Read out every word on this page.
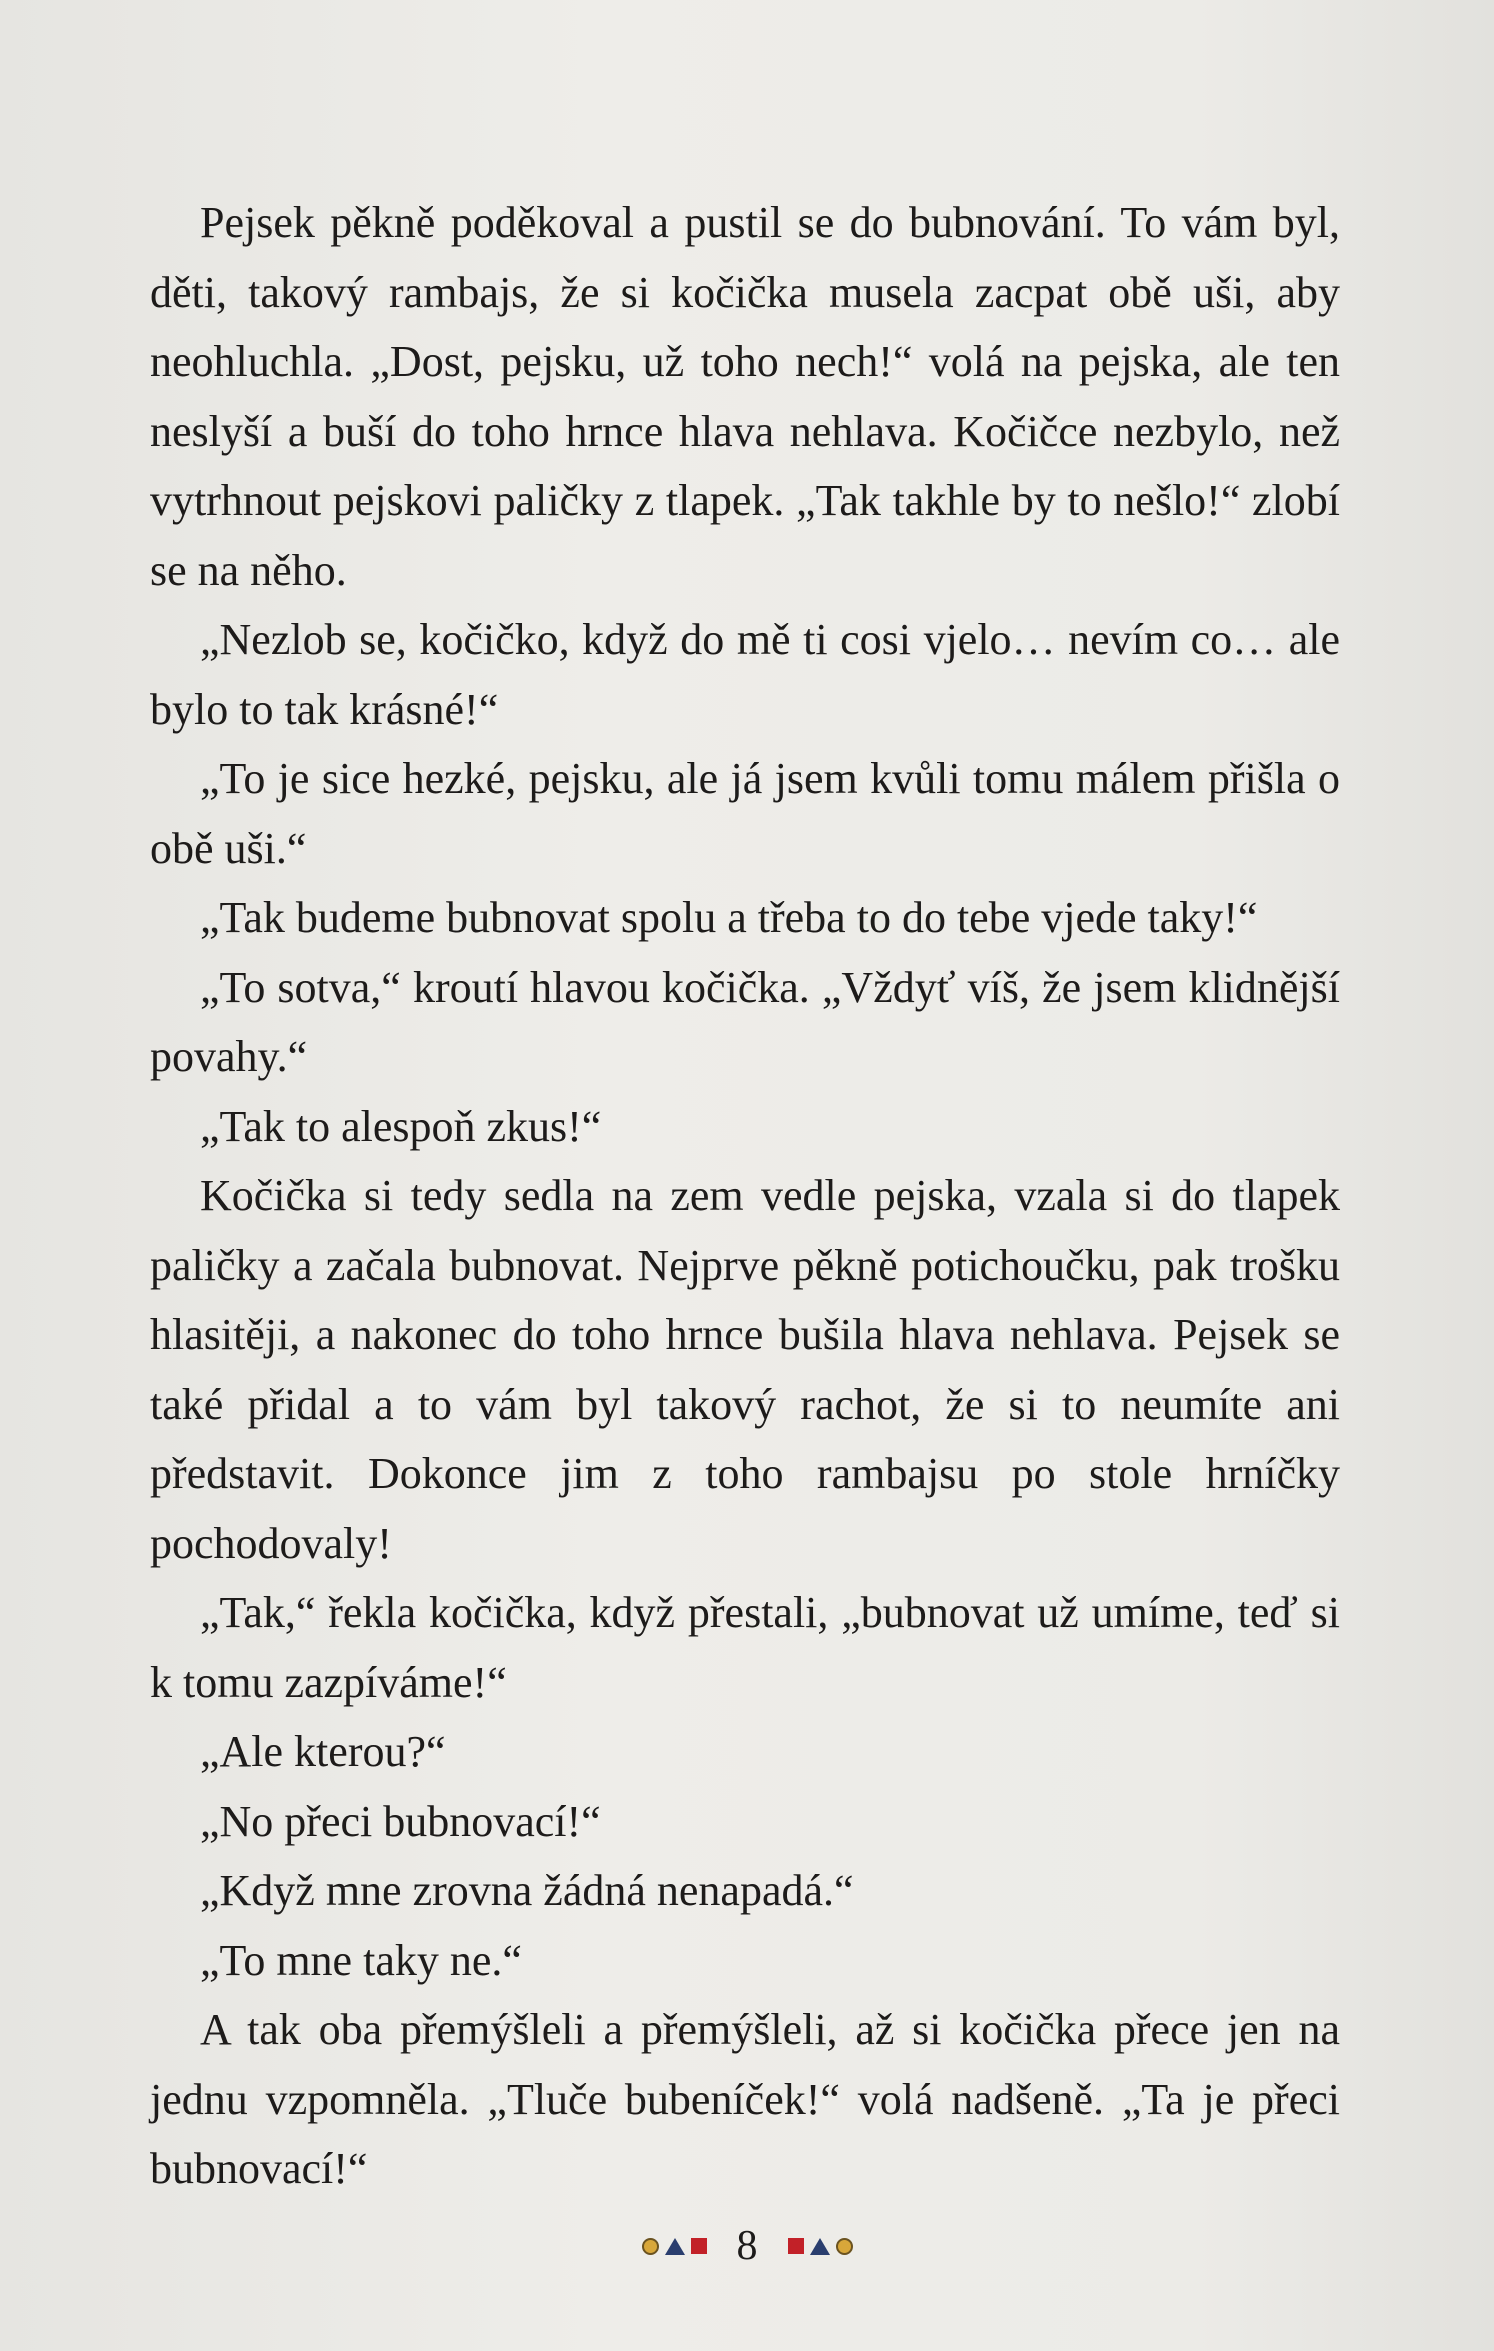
Pejsek pěkně poděkoval a pustil se do bubnování. To vám byl, děti, takový rambajs, že si kočička musela zacpat obě uši, aby neohluchla. „Dost, pejsku, už toho nech!“ volá na pejska, ale ten neslyší a buší do toho hrnce hlava nehlava. Kočičce nezbylo, než vytrhnout pejskovi paličky z tlapek. „Tak takhle by to nešlo!“ zlobí se na něho.

„Nezlob se, kočičko, když do mě ti cosi vjelo… nevím co… ale bylo to tak krásné!“

„To je sice hezké, pejsku, ale já jsem kvůli tomu málem přišla o obě uši.“

„Tak budeme bubnovat spolu a třeba to do tebe vjede taky!“

„To sotva,“ kroutí hlavou kočička. „Vždyť víš, že jsem klidnější povahy.“

„Tak to alespoň zkus!“

Kočička si tedy sedla na zem vedle pejska, vzala si do tlapek paličky a začala bubnovat. Nejprve pěkně potichoučku, pak trošku hlasitěji, a nakonec do toho hrnce bušila hlava nehlava. Pejsek se také přidal a to vám byl takový rachot, že si to neumíte ani představit. Dokonce jim z toho rambajsu po stole hrníčky pochodovaly!

„Tak,“ řekla kočička, když přestali, „bubnovat už umíme, teď si k tomu zazpíváme!“

„Ale kterou?“

„No přeci bubnovací!“

„Když mne zrovna žádná nenapadá.“

„To mne taky ne.“

A tak oba přemýšleli a přemýšleli, až si kočička přece jen na jednu vzpomněla. „Tluče bubeníček!“ volá nadšeně. „Ta je přeci bubnovací!“

8
